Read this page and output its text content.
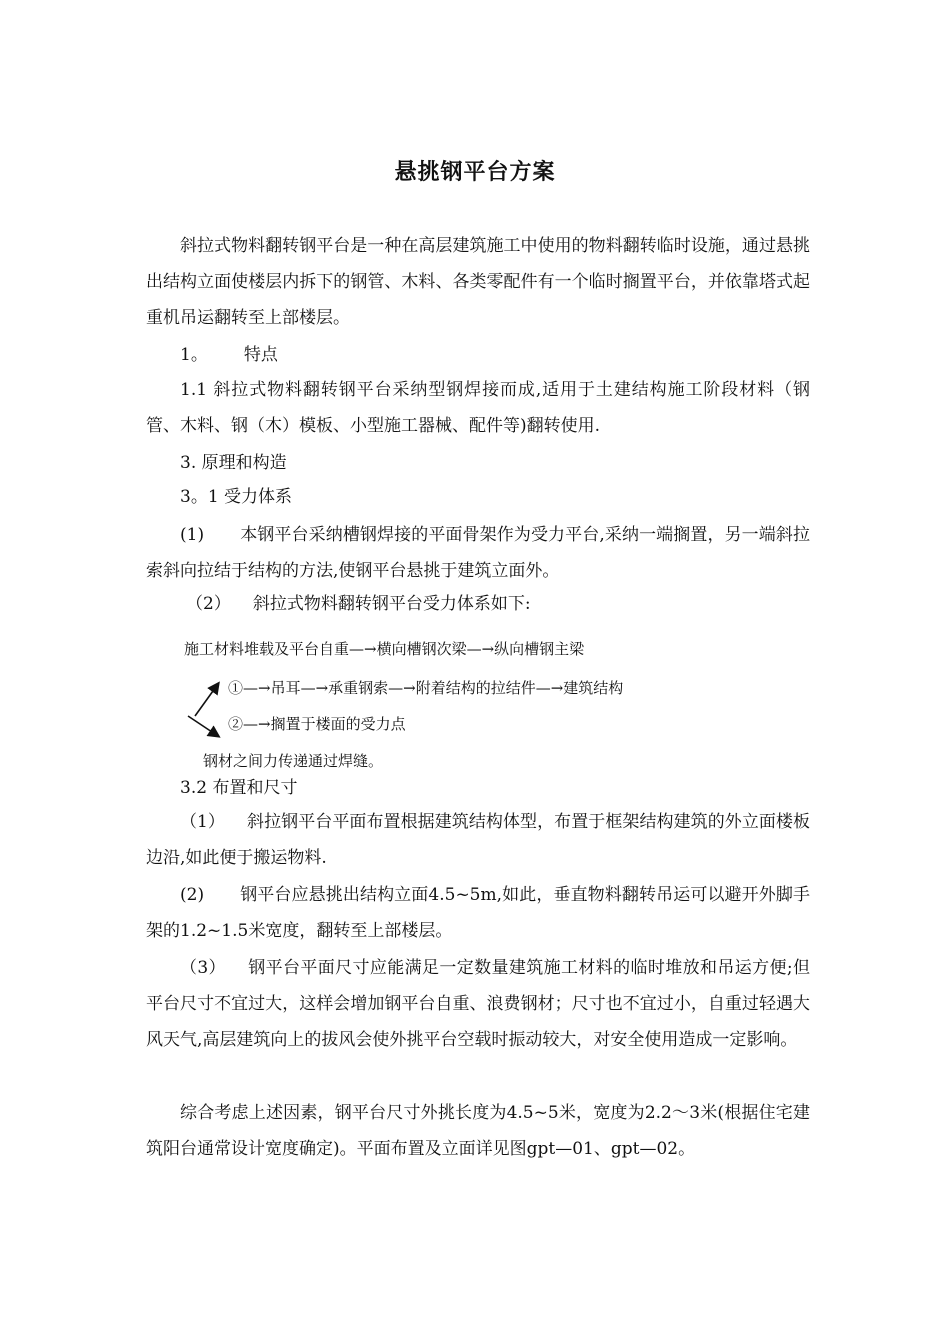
悬挑钢平台方案
斜拉式物料翻转钢平台是一种在高层建筑施工中使用的物料翻转临时设施，通过悬挑出结构立面使楼层内拆下的钢管、木料、各类零配件有一个临时搁置平台，并依靠塔式起重机吊运翻转至上部楼层。
1。 特点
1.1 斜拉式物料翻转钢平台采纳型钢焊接而成,适用于土建结构施工阶段材料（钢管、木料、钢（木）模板、小型施工器械、配件等)翻转使用.
3. 原理和构造
3。1 受力体系
(1) 本钢平台采纳槽钢焊接的平面骨架作为受力平台,采纳一端搁置，另一端斜拉索斜向拉结于结构的方法,使钢平台悬挑于建筑立面外。
（2） 斜拉式物料翻转钢平台受力体系如下:
施工材料堆载及平台自重—→横向槽钢次梁—→纵向槽钢主梁
①—→吊耳—→承重钢索—→附着结构的拉结件—→建筑结构
②—→搁置于楼面的受力点
钢材之间力传递通过焊缝。
3.2 布置和尺寸
（1） 斜拉钢平台平面布置根据建筑结构体型，布置于框架结构建筑的外立面楼板边沿,如此便于搬运物料.
(2) 钢平台应悬挑出结构立面4.5~5m,如此，垂直物料翻转吊运可以避开外脚手架的1.2~1.5米宽度，翻转至上部楼层。
（3） 钢平台平面尺寸应能满足一定数量建筑施工材料的临时堆放和吊运方便;但平台尺寸不宜过大，这样会增加钢平台自重、浪费钢材；尺寸也不宜过小，自重过轻遇大风天气,高层建筑向上的拔风会使外挑平台空载时振动较大，对安全使用造成一定影响。
综合考虑上述因素，钢平台尺寸外挑长度为4.5~5米，宽度为2.2～3米(根据住宅建筑阳台通常设计宽度确定)。平面布置及立面详见图gpt—01、gpt—02。
